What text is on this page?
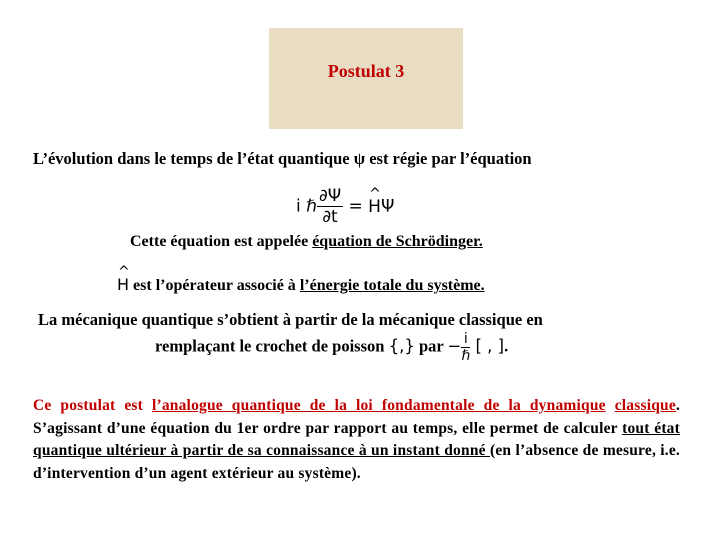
Postulat 3
L’évolution dans le temps de l’état quantique ψ est régie par l’équation
i ℏ $\frac{\partial\Psi}{\partial t}$ = ^ HΨ
Cette équation est appelée équation de Schrödinger.
^ H est l’opérateur associé à l’énergie totale du système.
La mécanique quantique s’obtient à partir de la mécanique classique en
remplaçant le crochet de poisson {,} par − $\frac{i}{\text{ℏ}}$ [ , ].
Ce postulat est l’analogue quantique de la loi fondamentale de la dynamique classique. S’agissant d’une équation du 1er ordre par rapport au temps, elle permet de calculer tout état quantique ultérieur à partir de sa connaissance à un instant donné (en l’absence de mesure, i.e. d’intervention d’un agent extérieur au système).
